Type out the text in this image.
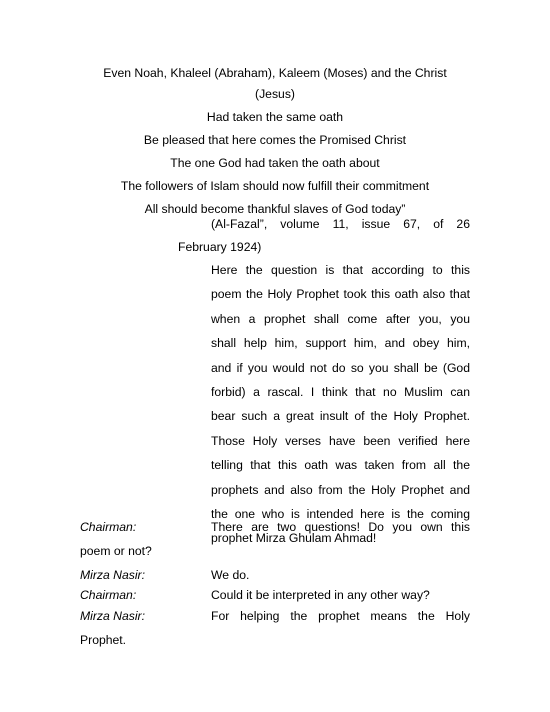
Even Noah, Khaleel (Abraham), Kaleem (Moses) and the Christ
(Jesus)
Had taken the same oath
Be pleased that here comes the Promised Christ
The one God had taken the oath about
The followers of Islam should now fulfill their commitment
All should become thankful slaves of God today”
(Al-Fazal”, volume 11, issue 67, of 26
February 1924)
Here the question is that according to this
poem the Holy Prophet took this oath also that
when a prophet shall come after you, you
shall help him, support him, and obey him,
and if you would not do so you shall be (God
forbid) a rascal. I think that no Muslim can
bear such a great insult of the Holy Prophet.
Those Holy verses have been verified here
telling that this oath was taken from all the
prophets and also from the Holy Prophet and
the one who is intended here is the coming
prophet Mirza Ghulam Ahmad!
Chairman:	There are two questions! Do you own this
poem or not?
Mirza Nasir:	We do.
Chairman:	Could it be interpreted in any other way?
Mirza Nasir:	For helping the prophet means the Holy
Prophet.
